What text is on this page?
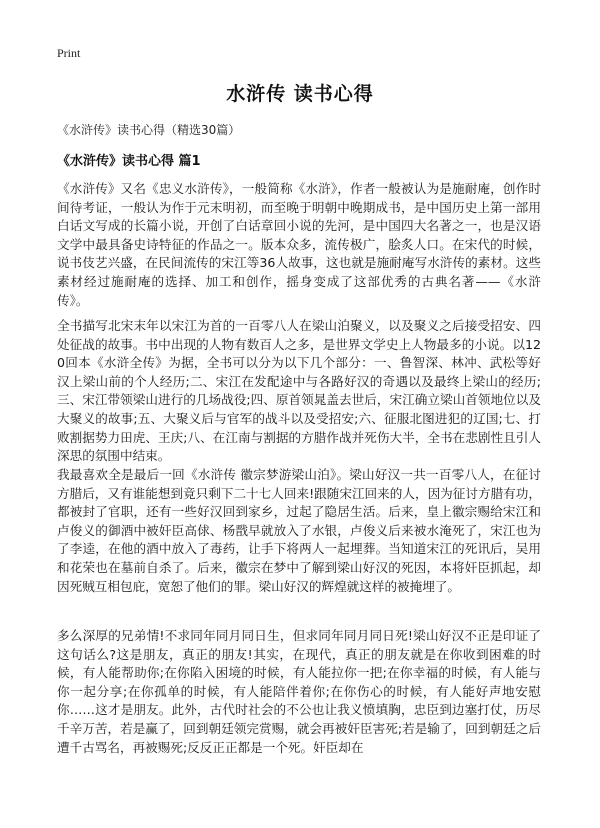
Print
水浒传 读书心得
《水浒传》读书心得（精选30篇）
《水浒传》读书心得 篇1

《水浒传》又名《忠义水浒传》，一般简称《水浒》，作者一般被认为是施耐庵，创作时间待考证，一般认为作于元末明初，而至晚于明朝中晚期成书，是中国历史上第一部用白话文写成的长篇小说，开创了白话章回小说的先河，是中国四大名著之一，也是汉语文学中最具备史诗特征的作品之一。版本众多，流传极广，脍炙人口。在宋代的时候，说书伎艺兴盛，在民间流传的宋江等36人故事，这也就是施耐庵写水浒传的素材。这些素材经过施耐庵的选择、加工和创作，摇身变成了这部优秀的古典名著——《水浒传》。

全书描写北宋末年以宋江为首的一百零八人在梁山泊聚义，以及聚义之后接受招安、四处征战的故事。书中出现的人物有数百人之多，是世界文学史上人物最多的小说。以120回本《水浒全传》为据，全书可以分为以下几个部分：一、鲁智深、林冲、武松等好汉上梁山前的个人经历;二、宋江在发配途中与各路好汉的奇遇以及最终上梁山的经历;三、宋江带领梁山进行的几场战役;四、原首领晁盖去世后，宋江确立梁山首领地位以及大聚义的故事;五、大聚义后与官军的战斗以及受招安;六、征服北图进犯的辽国;七、打败割据势力田虎、王庆;八、在江南与割据的方腊作战并死伤大半，全书在悲剧性且引人深思的氛围中结束。

我最喜欢全是最后一回《水浒传 徽宗梦游梁山泊》。梁山好汉一共一百零八人，在征讨方腊后，又有谁能想到竟只剩下二十七人回来!跟随宋江回来的人，因为征讨方腊有功，都被封了官职，还有一些好汉回到家乡，过起了隐居生活。后来，皇上徽宗赐给宋江和卢俊义的御酒中被奸臣高俅、杨戬早就放入了水银，卢俊义后来被水淹死了，宋江也为了李逵，在他的酒中放入了毒药，让手下将两人一起埋葬。当知道宋江的死讯后，吴用和花荣也在墓前自杀了。后来，徽宗在梦中了解到梁山好汉的死因，本将奸臣抓起，却因死贼互相包庇，宽恕了他们的罪。梁山好汉的辉煌就这样的被掩埋了。

多么深厚的兄弟情!不求同年同月同日生，但求同年同月同日死!梁山好汉不正是印证了这句话么?这是朋友，真正的朋友!其实，在现代，真正的朋友就是在你收到困难的时候，有人能帮助你;在你陷入困境的时候，有人能拉你一把;在你幸福的时候，有人能与你一起分享;在你孤单的时候，有人能陪伴着你;在你伤心的时候，有人能好声地安慰你……这才是朋友。此外，古代时社会的不公也让我义愤填胸，忠臣到边塞打仗，历尽千辛万苦，若是赢了，回到朝廷领完赏赐，就会再被奸臣害死;若是输了，回到朝廷之后遭千古骂名，再被赐死;反反正正都是一个死。奸臣却在
